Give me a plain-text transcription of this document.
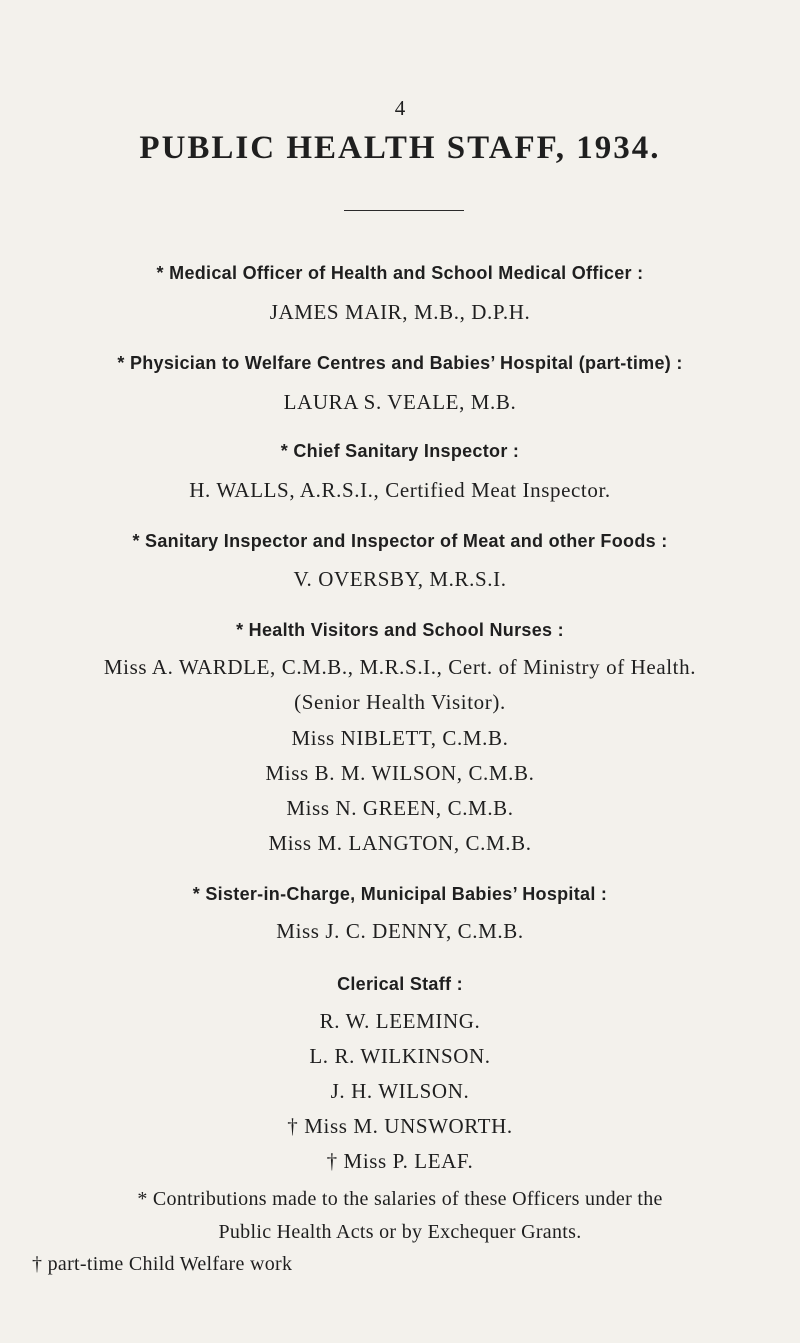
4
PUBLIC HEALTH STAFF, 1934.
* Medical Officer of Health and School Medical Officer :
JAMES MAIR, M.B., D.P.H.
* Physician to Welfare Centres and Babies’ Hospital (part-time) :
LAURA S. VEALE, M.B.
* Chief Sanitary Inspector :
H. WALLS, A.R.S.I., Certified Meat Inspector.
* Sanitary Inspector and Inspector of Meat and other Foods :
V. OVERSBY, M.R.S.I.
* Health Visitors and School Nurses :
Miss A. WARDLE, C.M.B., M.R.S.I., Cert. of Ministry of Health.
(Senior Health Visitor).
Miss NIBLETT, C.M.B.
Miss B. M. WILSON, C.M.B.
Miss N. GREEN, C.M.B.
Miss M. LANGTON, C.M.B.
* Sister-in-Charge, Municipal Babies’ Hospital :
Miss J. C. DENNY, C.M.B.
Clerical Staff :
R. W. LEEMING.
L. R. WILKINSON.
J. H. WILSON.
† Miss M. UNSWORTH.
† Miss P. LEAF.
* Contributions made to the salaries of these Officers under the
Public Health Acts or by Exchequer Grants.
† part-time Child Welfare work
